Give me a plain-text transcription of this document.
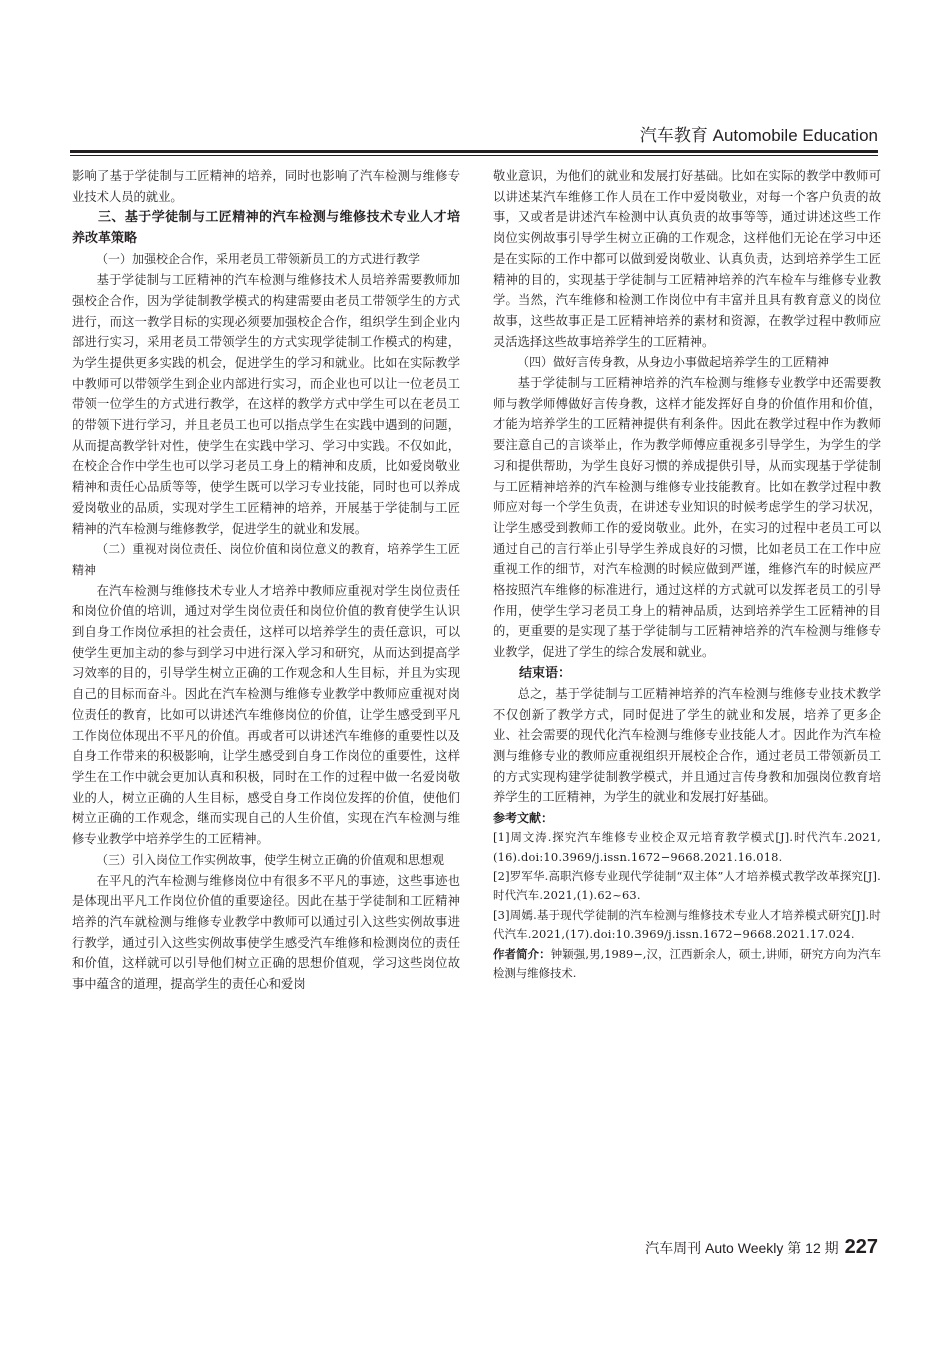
汽车教育 Automobile Education

影响了基于学徒制与工匠精神的培养，同时也影响了汽车检测与维修专业技术人员的就业。

三、基于学徒制与工匠精神的汽车检测与维修技术专业人才培养改革策略

（一）加强校企合作，采用老员工带领新员工的方式进行教学

基于学徒制与工匠精神的汽车检测与维修技术人员培养需要教师加强校企合作，因为学徒制教学模式的构建需要由老员工带领学生的方式进行，而这一教学目标的实现必须要加强校企合作，组织学生到企业内部进行实习，采用老员工带领学生的方式实现学徒制工作模式的构建，为学生提供更多实践的机会，促进学生的学习和就业。比如在实际教学中教师可以带领学生到企业内部进行实习，而企业也可以让一位老员工带领一位学生的方式进行教学，在这样的教学方式中学生可以在老员工的带领下进行学习，并且老员工也可以指点学生在实践中遇到的问题，从而提高教学针对性，使学生在实践中学习、学习中实践。不仅如此，在校企合作中学生也可以学习老员工身上的精神和皮质，比如爱岗敬业精神和责任心品质等等，使学生既可以学习专业技能，同时也可以养成爱岗敬业的品质，实现对学生工匠精神的培养，开展基于学徒制与工匠精神的汽车检测与维修教学，促进学生的就业和发展。

（二）重视对岗位责任、岗位价值和岗位意义的教育，培养学生工匠精神

在汽车检测与维修技术专业人才培养中教师应重视对学生岗位责任和岗位价值的培训，通过对学生岗位责任和岗位价值的教育使学生认识到自身工作岗位承担的社会责任，这样可以培养学生的责任意识，可以使学生更加主动的参与到学习中进行深入学习和研究，从而达到提高学习效率的目的，引导学生树立正确的工作观念和人生目标，并且为实现自己的目标而奋斗。因此在汽车检测与维修专业教学中教师应重视对岗位责任的教育，比如可以讲述汽车维修岗位的价值，让学生感受到平凡工作岗位体现出不平凡的价值。再或者可以讲述汽车维修的重要性以及自身工作带来的积极影响，让学生感受到自身工作岗位的重要性，这样学生在工作中就会更加认真和积极，同时在工作的过程中做一名爱岗敬业的人，树立正确的人生目标，感受自身工作岗位发挥的价值，使他们树立正确的工作观念，继而实现自己的人生价值，实现在汽车检测与维修专业教学中培养学生的工匠精神。

（三）引入岗位工作实例故事，使学生树立正确的价值观和思想观

在平凡的汽车检测与维修岗位中有很多不平凡的事迹，这些事迹也是体现出平凡工作岗位价值的重要途径。因此在基于学徒制和工匠精神培养的汽车就检测与维修专业教学中教师可以通过引入这些实例故事进行教学，通过引入这些实例故事使学生感受汽车维修和检测岗位的责任和价值，这样就可以引导他们树立正确的思想价值观，学习这些岗位故事中蕴含的道理，提高学生的责任心和爱岗

敬业意识，为他们的就业和发展打好基础。比如在实际的教学中教师可以讲述某汽车维修工作人员在工作中爱岗敬业，对每一个客户负责的故事，又或者是讲述汽车检测中认真负责的故事等等，通过讲述这些工作岗位实例故事引导学生树立正确的工作观念，这样他们无论在学习中还是在实际的工作中都可以做到爱岗敬业、认真负责，达到培养学生工匠精神的目的，实现基于学徒制与工匠精神培养的汽车检车与维修专业教学。当然，汽车维修和检测工作岗位中有丰富并且具有教育意义的岗位故事，这些故事正是工匠精神培养的素材和资源，在教学过程中教师应灵活选择这些故事培养学生的工匠精神。

（四）做好言传身教，从身边小事做起培养学生的工匠精神

基于学徒制与工匠精神培养的汽车检测与维修专业教学中还需要教师与教学师傅做好言传身教，这样才能发挥好自身的价值作用和价值，才能为培养学生的工匠精神提供有利条件。因此在教学过程中作为教师要注意自己的言谈举止，作为教学师傅应重视多引导学生，为学生的学习和提供帮助，为学生良好习惯的养成提供引导，从而实现基于学徒制与工匠精神培养的汽车检测与维修专业技能教育。比如在教学过程中教师应对每一个学生负责，在讲述专业知识的时候考虑学生的学习状况，让学生感受到教师工作的爱岗敬业。此外，在实习的过程中老员工可以通过自己的言行举止引导学生养成良好的习惯，比如老员工在工作中应重视工作的细节，对汽车检测的时候应做到严谨，维修汽车的时候应严格按照汽车维修的标准进行，通过这样的方式就可以发挥老员工的引导作用，使学生学习老员工身上的精神品质，达到培养学生工匠精神的目的，更重要的是实现了基于学徒制与工匠精神培养的汽车检测与维修专业教学，促进了学生的综合发展和就业。

结束语：

总之，基于学徒制与工匠精神培养的汽车检测与维修专业技术教学不仅创新了教学方式，同时促进了学生的就业和发展，培养了更多企业、社会需要的现代化汽车检测与维修专业技能人才。因此作为汽车检测与维修专业的教师应重视组织开展校企合作，通过老员工带领新员工的方式实现构建学徒制教学模式，并且通过言传身教和加强岗位教育培养学生的工匠精神，为学生的就业和发展打好基础。

参考文献：

[1]周文涛.探究汽车维修专业校企双元培育教学模式[J].时代汽车.2021,(16).doi:10.3969/j.issn.1672−9668.2021.16.018.

[2]罗军华.高职汽修专业现代学徒制“双主体”人才培养模式教学改革探究[J].时代汽车.2021,(1).62~63.

[3]周嫣.基于现代学徒制的汽车检测与维修技术专业人才培养模式研究[J].时代汽车.2021,(17).doi:10.3969/j.issn.1672−9668.2021.17.024.

作者简介：钟颖强,男,1989−,汉，江西新余人，硕士,讲师，研究方向为汽车检测与维修技术.

汽车周刊 Auto Weekly 第 12 期 227
